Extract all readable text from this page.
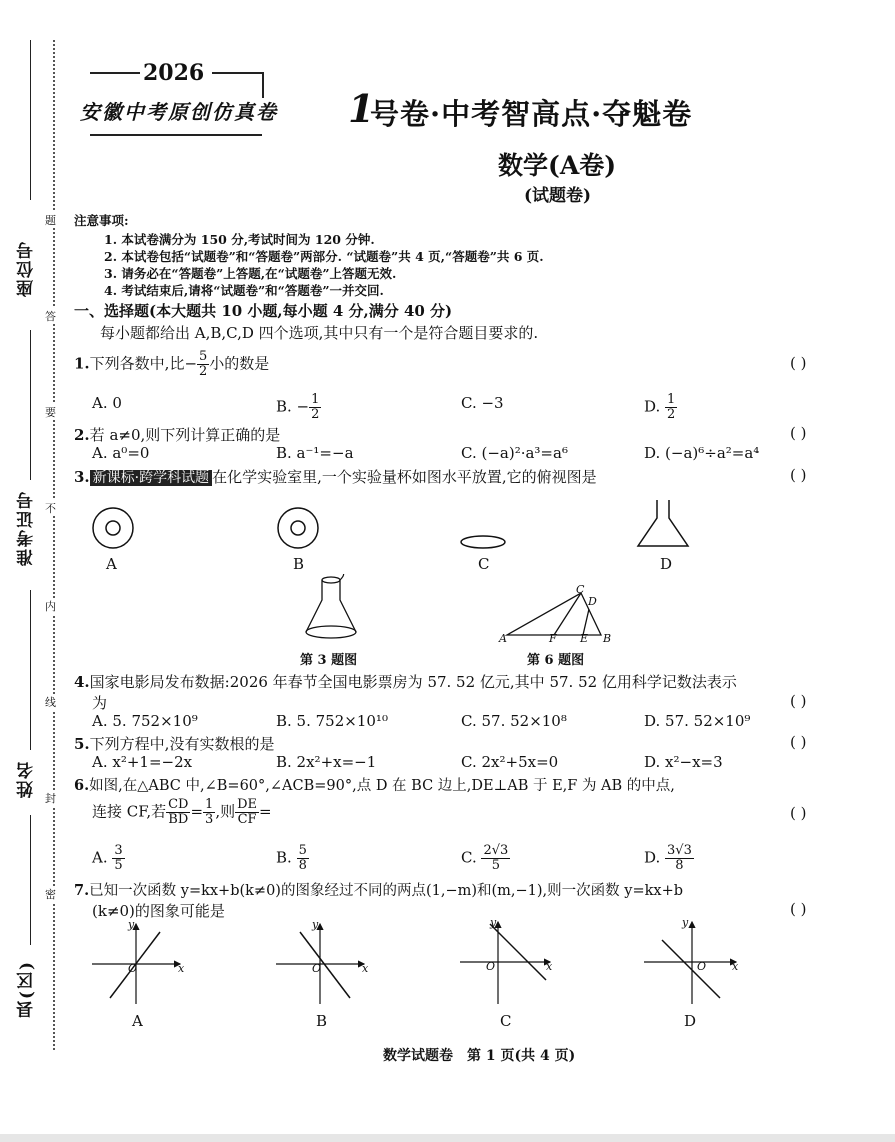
座位号
准考证号
姓名
县(区)
题
答
要
不
内
线
封
密
2026
安徽中考原创仿真卷 1
号卷·中考智高点·夺魁卷
数学(A卷)
(试题卷)
注意事项:
1. 本试卷满分为 150 分,考试时间为 120 分钟.
2. 本试卷包括“试题卷”和“答题卷”两部分. “试题卷”共 4 页,“答题卷”共 6 页.
3. 请务必在“答题卷”上答题,在“试题卷”上答题无效.
4. 考试结束后,请将“试题卷”和“答题卷”一并交回.
一、选择题(本大题共 10 小题,每小题 4 分,满分 40 分)
每小题都给出 A,B,C,D 四个选项,其中只有一个是符合题目要求的.
1.下列各数中,比− $\frac{5}{2}$ 小的数是	( )
A. 0	B. − $\frac{1}{2}$	C. −3	D. $\frac{1}{2}$
2.若 a≠0,则下列计算正确的是	( )
A. a⁰=0	B. a⁻¹=−a	C. (−a)²·a³=a⁶	D. (−a)⁶÷a²=a⁴
3. 新课标·跨学科试题 在化学实验室里,一个实验量杯如图水平放置,它的俯视图是	( )
A	B	C	D
第 3 题图
A	F E B
C
D
第 6 题图
4.国家电影局发布数据:2026 年春节全国电影票房为 57. 52 亿元,其中 57. 52 亿用科学记数法表示
为	( )
A. 5. 752×10⁹	B. 5. 752×10¹⁰	C. 57. 52×10⁸	D. 57. 52×10⁹
5.下列方程中,没有实数根的是	( )
A. x²+1=−2x	B. 2x²+x=−1	C. 2x²+5x=0	D. x²−x=3
6.如图,在△ABC 中,∠B=60°,∠ACB=90°,点 D 在 BC 边上,DE⊥AB 于 E,F 为 AB 的中点,
连接 CF,若 $\frac{CD}{BD} = \frac{1}{3}$ ,则 $\frac{DE}{CF}$ =	( )
A. $\frac{3}{5}$	B. $\frac{5}{8}$	C. $\frac{2√3}{5}$	D. $\frac{3√3}{8}$
7.已知一次函数 y=kx+b(k≠0)的图象经过不同的两点(1,−m)和(m,−1),则一次函数 y=kx+b
(k≠0)的图象可能是	( )
y
x
O
y
x
O
y
x
O
y
x
O
A	B	C	D
数学试题卷　第 1 页(共 4 页)
